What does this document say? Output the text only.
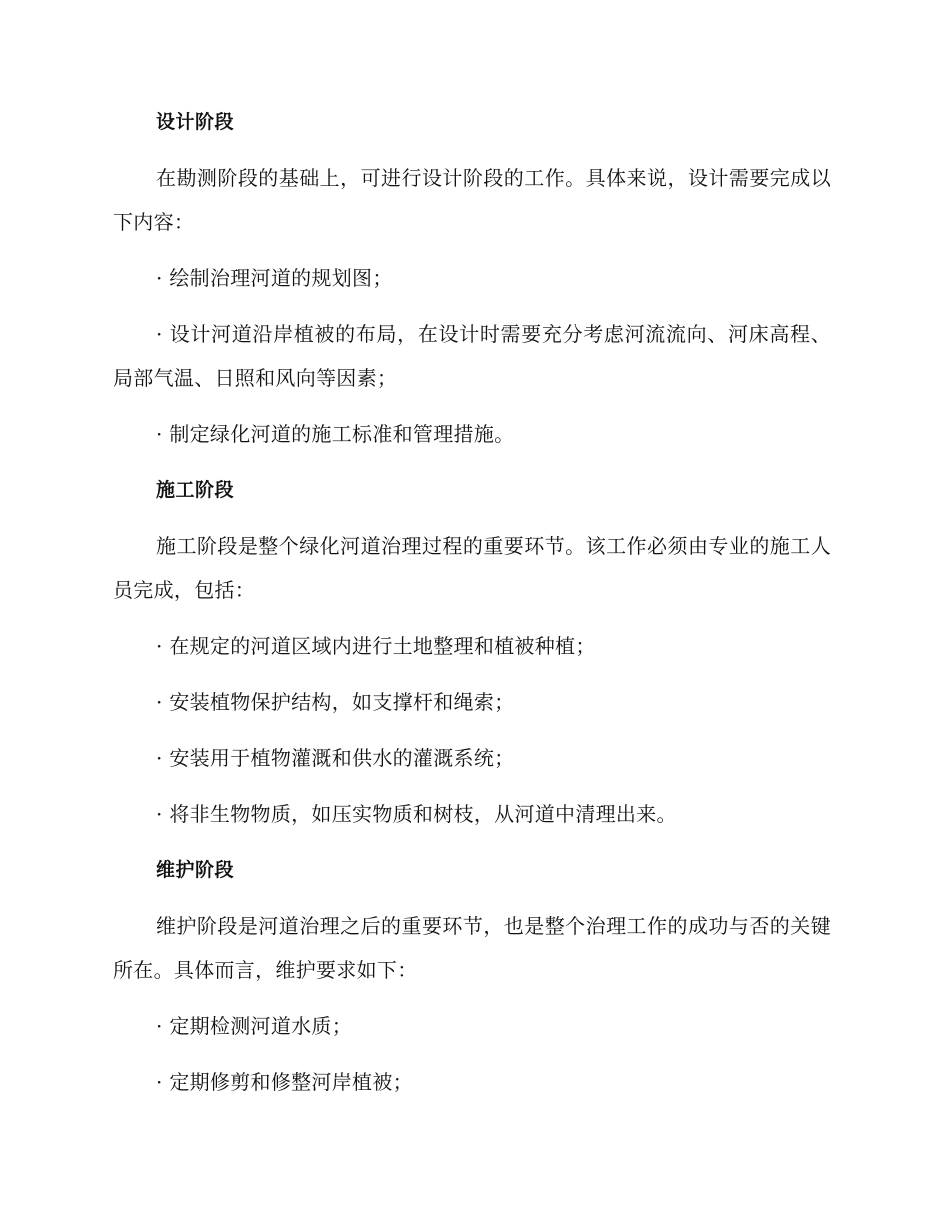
设计阶段

在勘测阶段的基础上，可进行设计阶段的工作。具体来说，设计需要完成以下内容：

· 绘制治理河道的规划图；

· 设计河道沿岸植被的布局，在设计时需要充分考虑河流流向、河床高程、局部气温、日照和风向等因素；

· 制定绿化河道的施工标准和管理措施。

施工阶段

施工阶段是整个绿化河道治理过程的重要环节。该工作必须由专业的施工人员完成，包括：

· 在规定的河道区域内进行土地整理和植被种植；

· 安装植物保护结构，如支撑杆和绳索；

· 安装用于植物灌溉和供水的灌溉系统；

· 将非生物物质，如压实物质和树枝，从河道中清理出来。

维护阶段

维护阶段是河道治理之后的重要环节，也是整个治理工作的成功与否的关键所在。具体而言，维护要求如下：

· 定期检测河道水质；

· 定期修剪和修整河岸植被；
